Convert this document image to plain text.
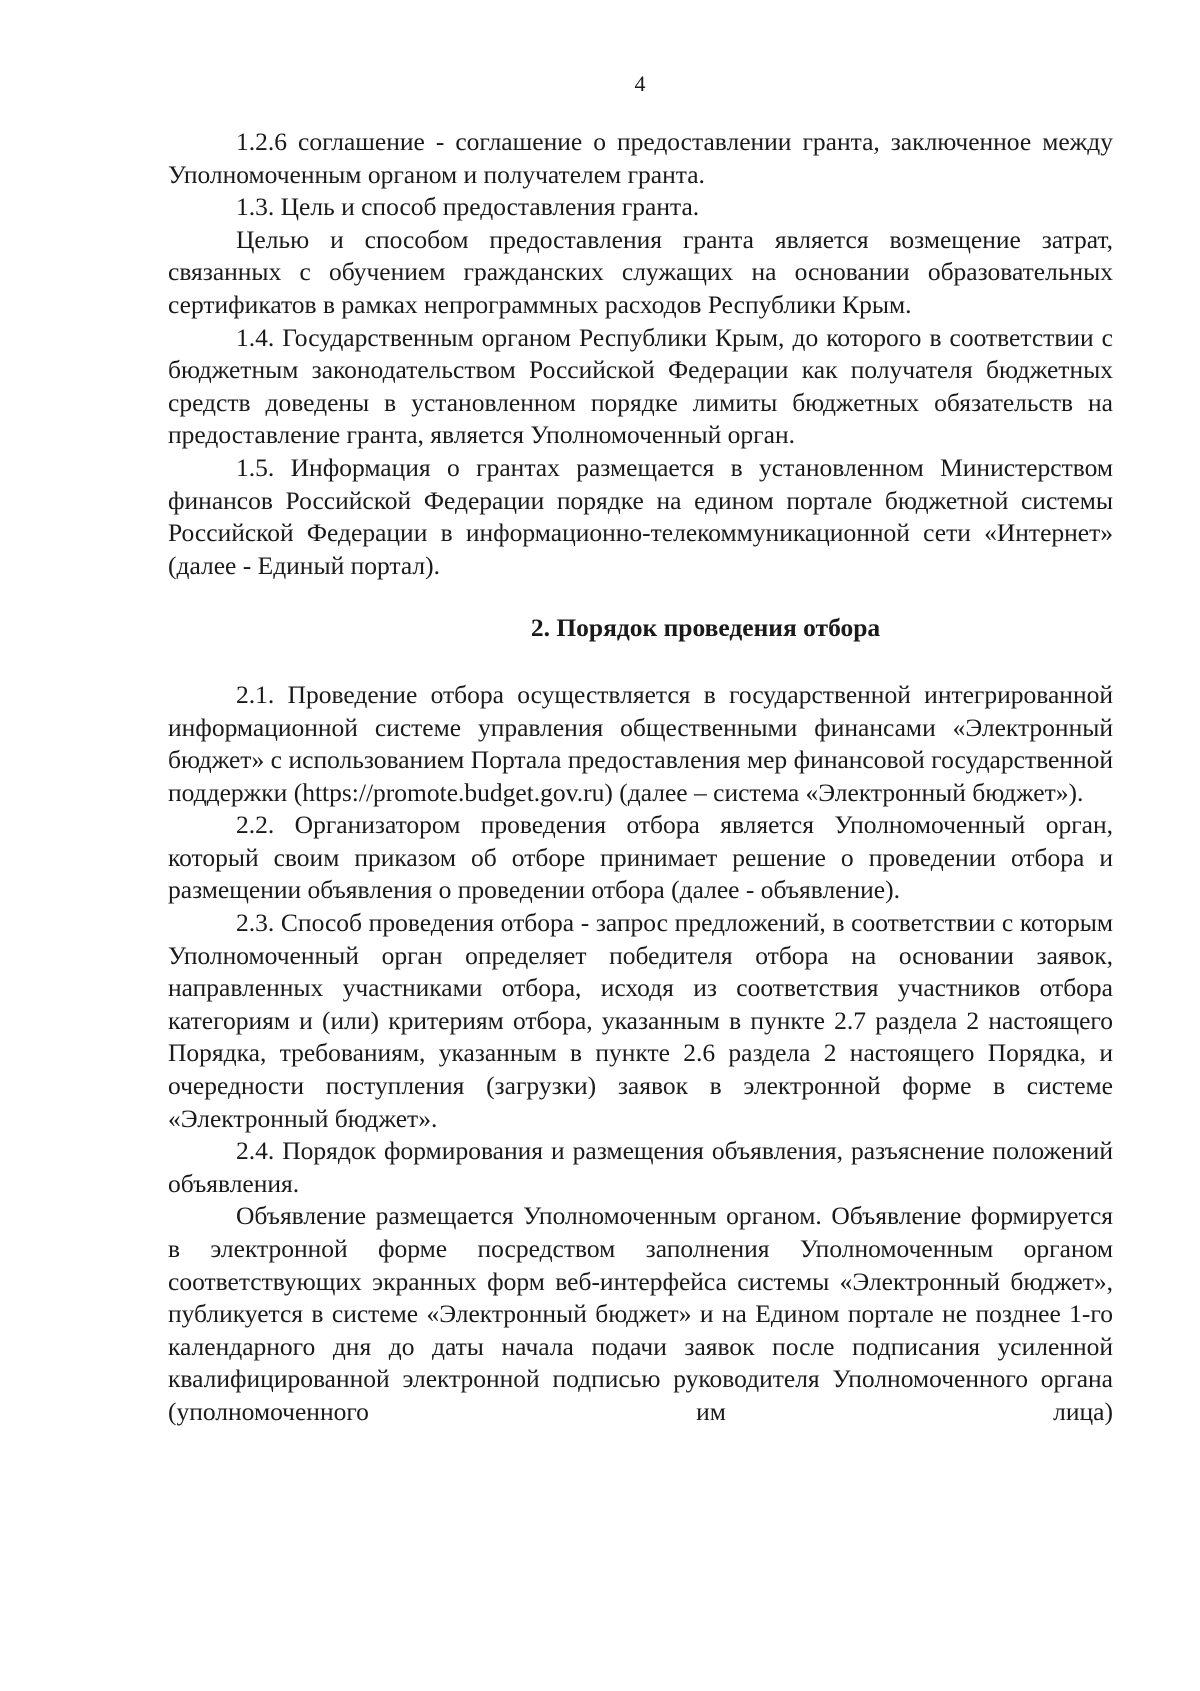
4

1.2.6 соглашение - соглашение о предоставлении гранта, заключенное между Уполномоченным органом и получателем гранта.

1.3. Цель и способ предоставления гранта.

Целью и способом предоставления гранта является возмещение затрат, связанных с обучением гражданских служащих на основании образовательных сертификатов в рамках непрограммных расходов Республики Крым.

1.4. Государственным органом Республики Крым, до которого в соответствии с бюджетным законодательством Российской Федерации как получателя бюджетных средств доведены в установленном порядке лимиты бюджетных обязательств на предоставление гранта, является Уполномоченный орган.

1.5. Информация о грантах размещается в установленном Министерством финансов Российской Федерации порядке на едином портале бюджетной системы Российской Федерации в информационно-телекоммуникационной сети «Интернет» (далее - Единый портал).

2. Порядок проведения отбора

2.1. Проведение отбора осуществляется в государственной интегрированной информационной системе управления общественными финансами «Электронный бюджет» с использованием Портала предоставления мер финансовой государственной поддержки (https://promote.budget.gov.ru) (далее – система «Электронный бюджет»).

2.2. Организатором проведения отбора является Уполномоченный орган, который своим приказом об отборе принимает решение о проведении отбора и размещении объявления о проведении отбора (далее - объявление).

2.3. Способ проведения отбора - запрос предложений, в соответствии с которым Уполномоченный орган определяет победителя отбора на основании заявок, направленных участниками отбора, исходя из соответствия участников отбора категориям и (или) критериям отбора, указанным в пункте 2.7 раздела 2 настоящего Порядка, требованиям, указанным в пункте 2.6 раздела 2 настоящего Порядка, и очередности поступления (загрузки) заявок в электронной форме в системе «Электронный бюджет».

2.4. Порядок формирования и размещения объявления, разъяснение положений объявления.

Объявление размещается Уполномоченным органом. Объявление формируется в электронной форме посредством заполнения Уполномоченным органом соответствующих экранных форм веб-интерфейса системы «Электронный бюджет», публикуется в системе «Электронный бюджет» и на Едином портале не позднее 1-го календарного дня до даты начала подачи заявок после подписания усиленной квалифицированной электронной подписью руководителя Уполномоченного органа (уполномоченного им лица)
